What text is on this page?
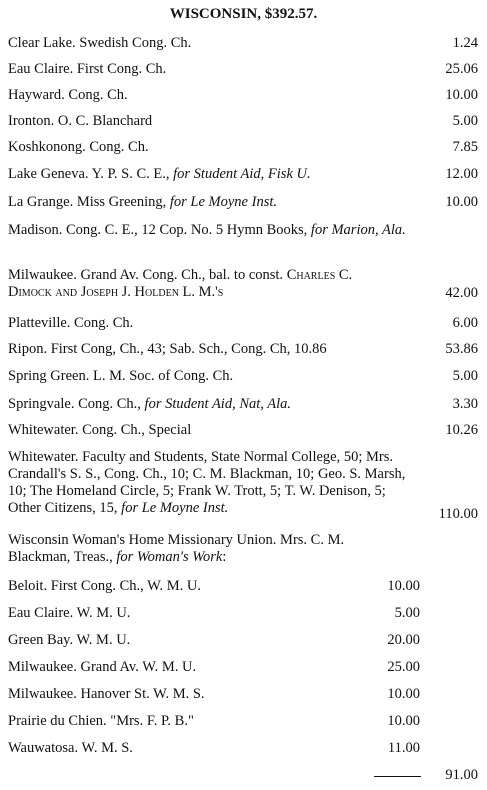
WISCONSIN, $392.57.
Clear Lake. Swedish Cong. Ch.	1.24
Eau Claire. First Cong. Ch.	25.06
Hayward. Cong. Ch.	10.00
Ironton. O. C. Blanchard	5.00
Koshkonong. Cong. Ch.	7.85
Lake Geneva. Y. P. S. C. E., for Student Aid, Fisk U.	12.00
La Grange. Miss Greening, for Le Moyne Inst.	10.00
Madison. Cong. C. E., 12 Cop. No. 5 Hymn Books, for Marion, Ala.
Milwaukee. Grand Av. Cong. Ch., bal. to const. Charles C. Dimock and Joseph J. Holden L. M.'s	42.00
Platteville. Cong. Ch.	6.00
Ripon. First Cong, Ch., 43; Sab. Sch., Cong. Ch, 10.86	53.86
Spring Green. L. M. Soc. of Cong. Ch.	5.00
Springvale. Cong. Ch., for Student Aid, Nat, Ala.	3.30
Whitewater. Cong. Ch., Special	10.26
Whitewater. Faculty and Students, State Normal College, 50; Mrs. Crandall's S. S., Cong. Ch., 10; C. M. Blackman, 10; Geo. S. Marsh, 10; The Homeland Circle, 5; Frank W. Trott, 5; T. W. Denison, 5; Other Citizens, 15, for Le Moyne Inst.	110.00
Wisconsin Woman's Home Missionary Union. Mrs. C. M. Blackman, Treas., for Woman's Work:
Beloit. First Cong. Ch., W. M. U.	10.00
Eau Claire. W. M. U.	5.00
Green Bay. W. M. U.	20.00
Milwaukee. Grand Av. W. M. U.	25.00
Milwaukee. Hanover St. W. M. S.	10.00
Prairie du Chien. "Mrs. F. P. B."	10.00
Wauwatosa. W. M. S.	11.00
91.00
